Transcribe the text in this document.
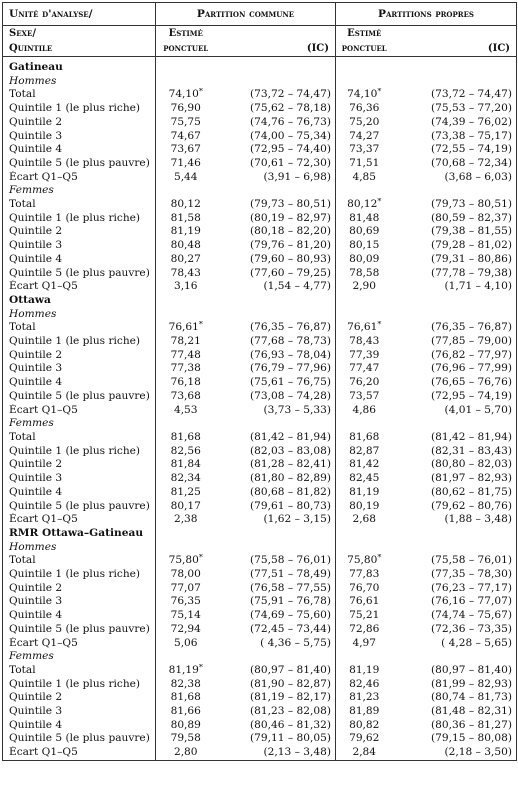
Unité d'analyse/	Partition commune		Partitions propres	
Sexe/	Estimé		Estimé	
Quintile	ponctuel	(IC)	ponctuel	(IC)

Gatineau				
Hommes				
Total	74,10*	(73,72 – 74,47)	74,10*	(73,72 – 74,47)
Quintile 1 (le plus riche)	76,90	(75,62 – 78,18)	76,36	(75,53 – 77,20)
Quintile 2	75,75	(74,76 – 76,73)	75,20	(74,39 – 76,02)
Quintile 3	74,67	(74,00 – 75,34)	74,27	(73,38 – 75,17)
Quintile 4	73,67	(72,95 – 74,40)	73,37	(72,55 – 74,19)
Quintile 5 (le plus pauvre)	71,46	(70,61 – 72,30)	71,51	(70,68 – 72,34)
Écart Q1–Q5	5,44	(3,91 – 6,98)	4,85	(3,68 – 6,03)
Femmes				
Total	80,12	(79,73 – 80,51)	80,12*	(79,73 – 80,51)
Quintile 1 (le plus riche)	81,58	(80,19 – 82,97)	81,48	(80,59 – 82,37)
Quintile 2	81,19	(80,18 – 82,20)	80,69	(79,38 – 81,55)
Quintile 3	80,48	(79,76 – 81,20)	80,15	(79,28 – 81,02)
Quintile 4	80,27	(79,60 – 80,93)	80,09	(79,31 – 80,86)
Quintile 5 (le plus pauvre)	78,43	(77,60 – 79,25)	78,58	(77,78 – 79,38)
Écart Q1–Q5	3,16	(1,54 – 4,77)	2,90	(1,71 – 4,10)
Ottawa				
Hommes				
Total	76,61*	(76,35 – 76,87)	76,61*	(76,35 – 76,87)
Quintile 1 (le plus riche)	78,21	(77,68 – 78,73)	78,43	(77,85 – 79,00)
Quintile 2	77,48	(76,93 – 78,04)	77,39	(76,82 – 77,97)
Quintile 3	77,38	(76,79 – 77,96)	77,47	(76,96 – 77,99)
Quintile 4	76,18	(75,61 – 76,75)	76,20	(76,65 – 76,76)
Quintile 5 (le plus pauvre)	73,68	(73,08 – 74,28)	73,57	(72,95 – 74,19)
Écart Q1–Q5	4,53	(3,73 – 5,33)	4,86	(4,01 – 5,70)
Femmes				
Total	81,68	(81,42 – 81,94)	81,68	(81,42 – 81,94)
Quintile 1 (le plus riche)	82,56	(82,03 – 83,08)	82,87	(82,31 – 83,43)
Quintile 2	81,84	(81,28 – 82,41)	81,42	(80,80 – 82,03)
Quintile 3	82,34	(81,80 – 82,89)	82,45	(81,97 – 82,93)
Quintile 4	81,25	(80,68 – 81,82)	81,19	(80,62 – 81,75)
Quintile 5 (le plus pauvre)	80,17	(79,61 – 80,73)	80,19	(79,62 – 80,76)
Écart Q1–Q5	2,38	(1,62 – 3,15)	2,68	(1,88 – 3,48)
RMR Ottawa–Gatineau				
Hommes				
Total	75,80*	(75,58 – 76,01)	75,80*	(75,58 – 76,01)
Quintile 1 (le plus riche)	78,00	(77,51 – 78,49)	77,83	(77,35 – 78,30)
Quintile 2	77,07	(76,58 – 77,55)	76,70	(76,23 – 77,17)
Quintile 3	76,35	(75,91 – 76,78)	76,61	(76,16 – 77,07)
Quintile 4	75,14	(74,69 – 75,60)	75,21	(74,74 – 75,67)
Quintile 5 (le plus pauvre)	72,94	(72,45 – 73,44)	72,86	(72,36 – 73,35)
Écart Q1–Q5	5,06	( 4,36 – 5,75)	4,97	( 4,28 – 5,65)
Femmes				
Total	81,19*	(80,97 – 81,40)	81,19	(80,97 – 81,40)
Quintile 1 (le plus riche)	82,38	(81,90 – 82,87)	82,46	(81,99 – 82,93)
Quintile 2	81,68	(81,19 – 82,17)	81,23	(80,74 – 81,73)
Quintile 3	81,66	(81,23 – 82,08)	81,89	(81,48 – 82,31)
Quintile 4	80,89	(80,46 – 81,32)	80,82	(80,36 – 81,27)
Quintile 5 (le plus pauvre)	79,58	(79,11 – 80,05)	79,62	(79,15 – 80,08)
Écart Q1–Q5	2,80	(2,13 – 3,48)	2,84	(2,18 – 3,50)
